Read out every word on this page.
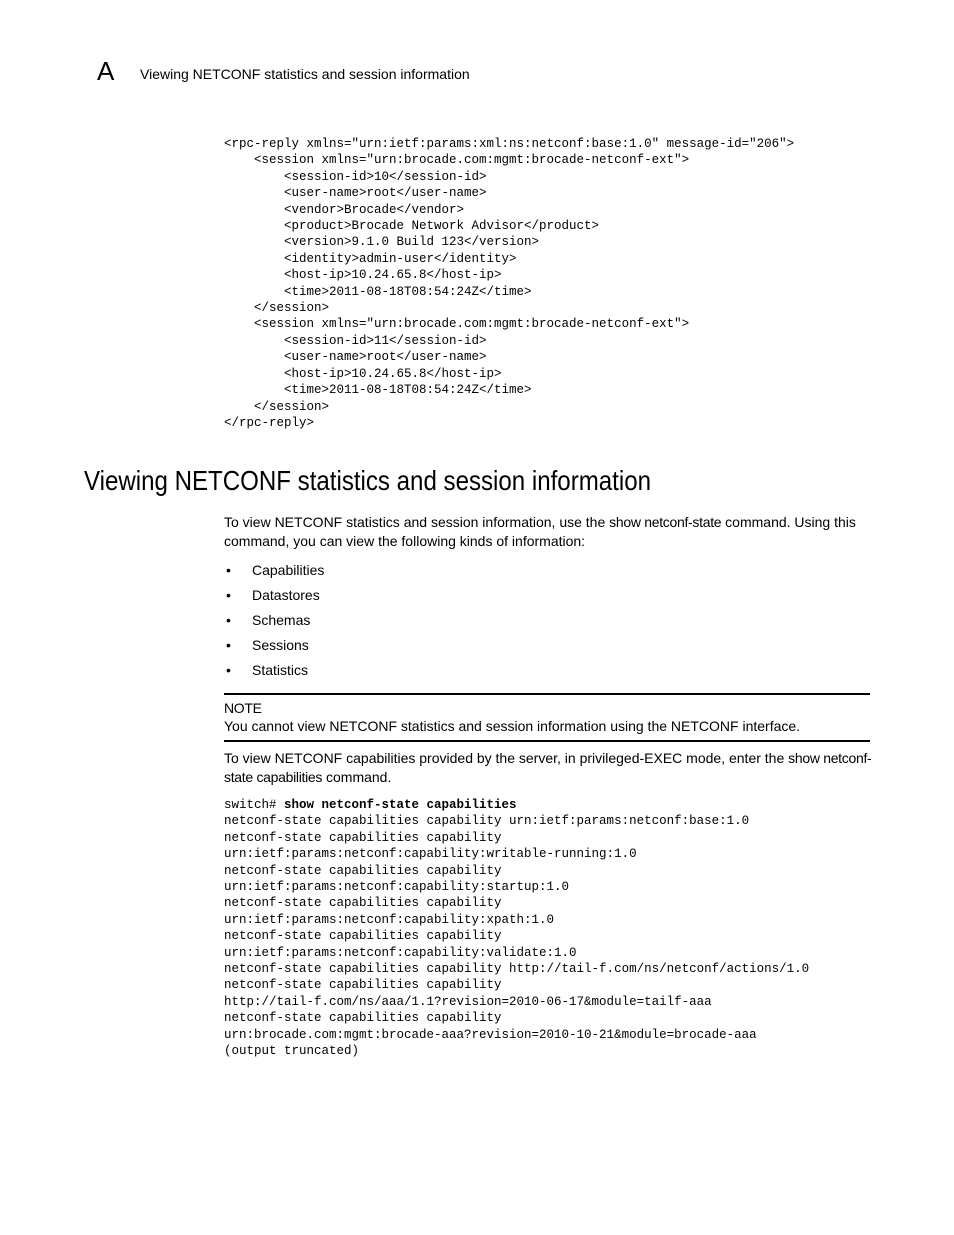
A Viewing NETCONF statistics and session information
<rpc-reply xmlns="urn:ietf:params:xml:ns:netconf:base:1.0" message-id="206">
<session xmlns="urn:brocade.com:mgmt:brocade-netconf-ext">
<session-id>10</session-id>
<user-name>root</user-name>
<vendor>Brocade</vendor>
<product>Brocade Network Advisor</product>
<version>9.1.0 Build 123</version>
<identity>admin-user</identity>
<host-ip>10.24.65.8</host-ip>
<time>2011-08-18T08:54:24Z</time>
</session>
<session xmlns="urn:brocade.com:mgmt:brocade-netconf-ext">
<session-id>11</session-id>
<user-name>root</user-name>
<host-ip>10.24.65.8</host-ip>
<time>2011-08-18T08:54:24Z</time>
</session>
</rpc-reply>
Viewing NETCONF statistics and session information

To view NETCONF statistics and session information, use the show netconf-state command. Using this command, you can view the following kinds of information:

• Capabilities
• Datastores
• Schemas
• Sessions
• Statistics
NOTE
You cannot view NETCONF statistics and session information using the NETCONF interface.

To view NETCONF capabilities provided by the server, in privileged-EXEC mode, enter the show netconf-state capabilities command.

switch# show netconf-state capabilities
netconf-state capabilities capability urn:ietf:params:netconf:base:1.0
netconf-state capabilities capability
urn:ietf:params:netconf:capability:writable-running:1.0
netconf-state capabilities capability
urn:ietf:params:netconf:capability:startup:1.0
netconf-state capabilities capability
urn:ietf:params:netconf:capability:xpath:1.0
netconf-state capabilities capability
urn:ietf:params:netconf:capability:validate:1.0
netconf-state capabilities capability http://tail-f.com/ns/netconf/actions/1.0
netconf-state capabilities capability
http://tail-f.com/ns/aaa/1.1?revision=2010-06-17&module=tailf-aaa
netconf-state capabilities capability
urn:brocade.com:mgmt:brocade-aaa?revision=2010-10-21&module=brocade-aaa
(output truncated)
